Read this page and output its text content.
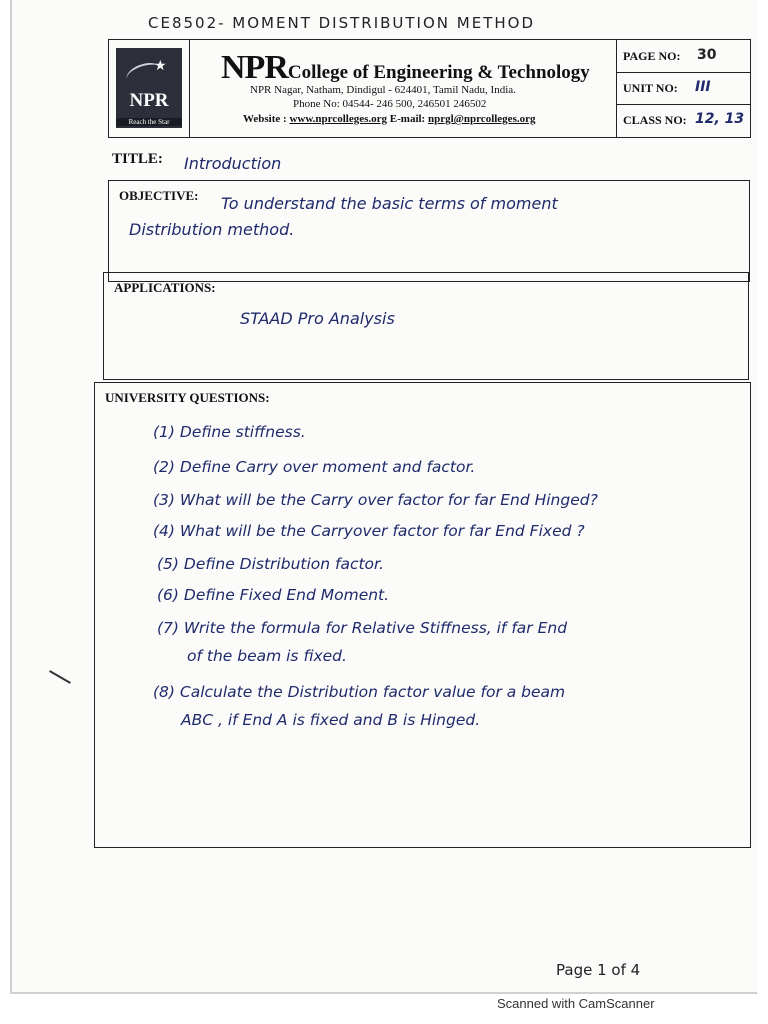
CE8502- MOMENT DISTRIBUTION METHOD
★
NPR
Reach the Star
NPRCollege of Engineering & Technology
NPR Nagar, Natham, Dindigul - 624401, Tamil Nadu, India.
Phone No: 04544- 246 500, 246501 246502
Website : www.nprcolleges.org E-mail: nprgl@nprcolleges.org
PAGE NO: 30
UNIT NO: III
CLASS NO: 12, 13
TITLE: Introduction
OBJECTIVE: To understand the basic terms of moment
Distribution method.
APPLICATIONS:
STAAD Pro Analysis
UNIVERSITY QUESTIONS:
(1) Define stiffness.
(2) Define Carry over moment and factor.
(3) What will be the Carry over factor for far End Hinged?
(4) What will be the Carryover factor for far End Fixed ?
(5) Define Distribution factor.
(6) Define Fixed End Moment.
(7) Write the formula for Relative Stiffness, if far End
of the beam is fixed.
(8) Calculate the Distribution factor value for a beam
ABC , if End A is fixed and B is Hinged.
Page 1 of 4
Scanned with CamScanner
